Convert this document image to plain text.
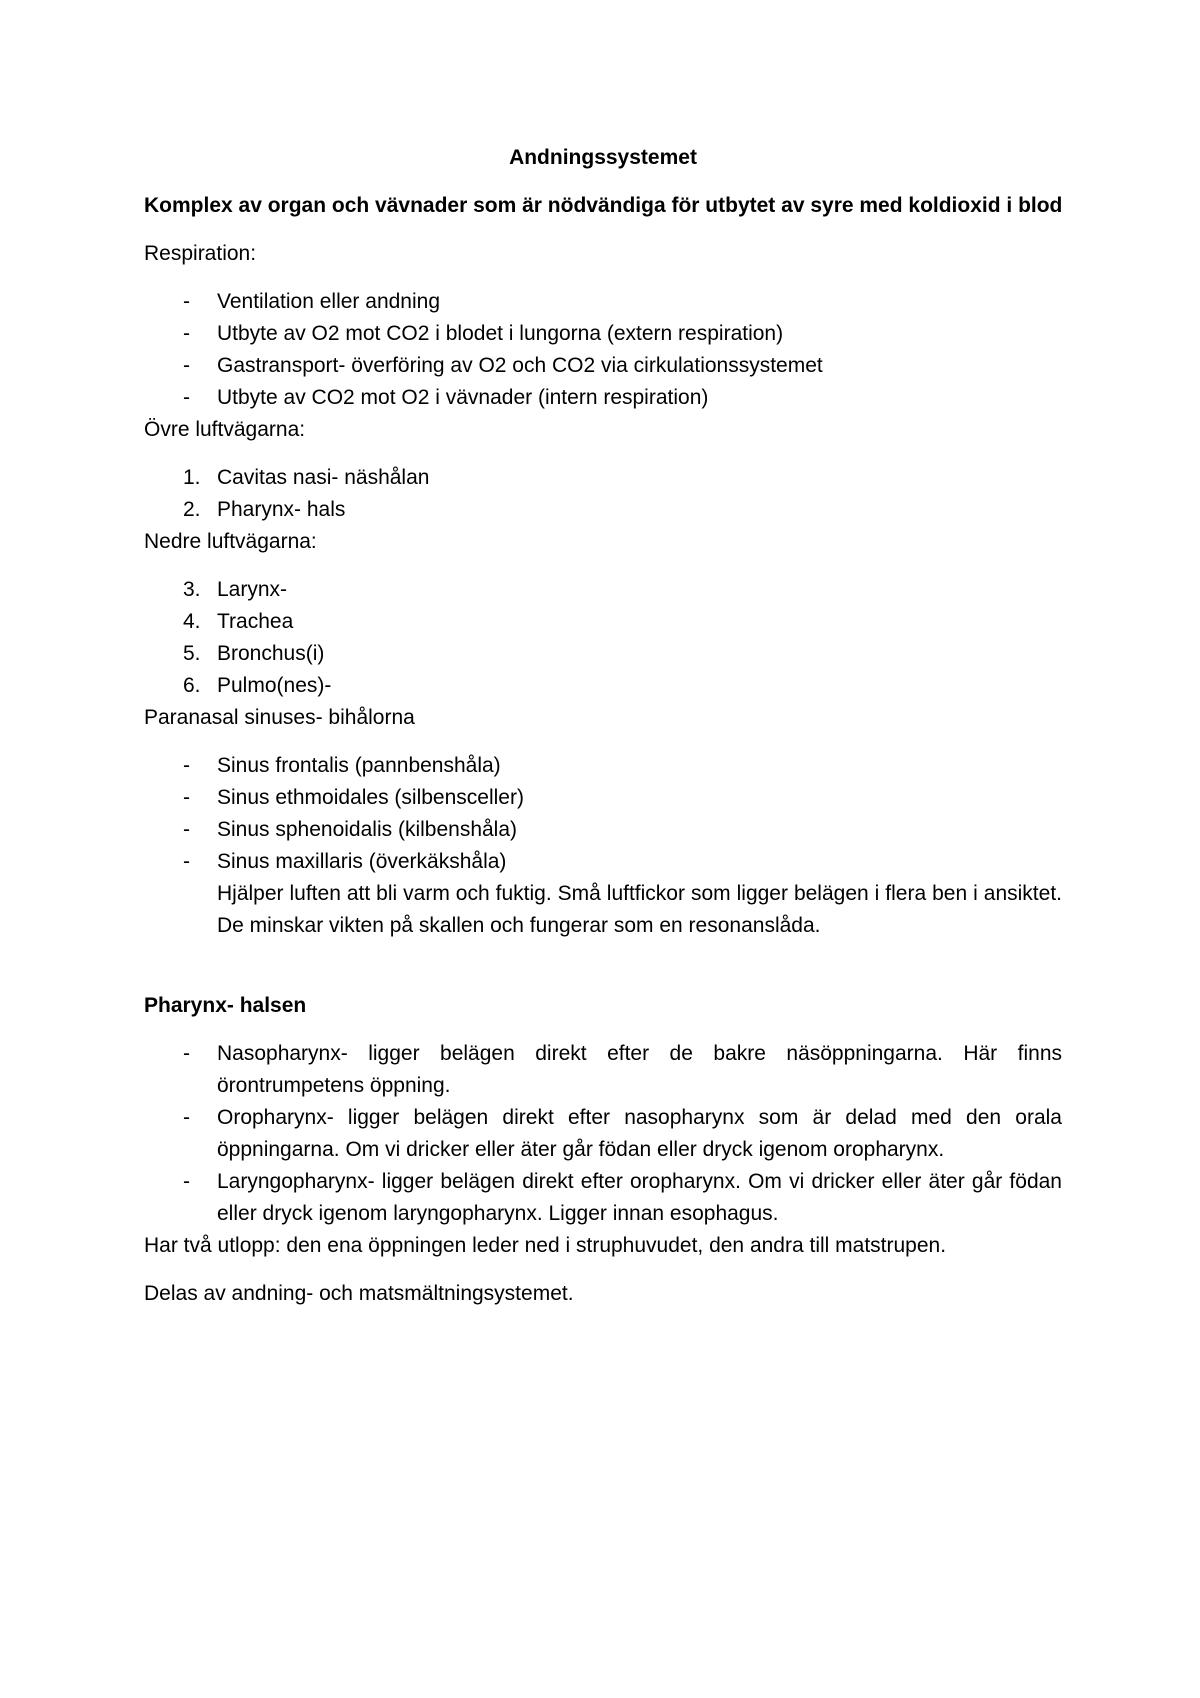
Andningssystemet
Komplex av organ och vävnader som är nödvändiga för utbytet av syre med koldioxid i blod
Respiration:
-	Ventilation eller andning
-	Utbyte av O2 mot CO2 i blodet i lungorna (extern respiration)
-	Gastransport- överföring av O2 och CO2 via cirkulationssystemet
-	Utbyte av CO2 mot O2 i vävnader (intern respiration)
Övre luftvägarna:
1. Cavitas nasi- näshålan
2. Pharynx- hals
Nedre luftvägarna:
3. Larynx-
4. Trachea
5. Bronchus(i)
6. Pulmo(nes)-
Paranasal sinuses- bihålorna
-	Sinus frontalis (pannbenshåla)
-	Sinus ethmoidales (silbensceller)
-	Sinus sphenoidalis (kilbenshåla)
-	Sinus maxillaris (överkäkshåla)
Hjälper luften att bli varm och fuktig. Små luftfickor som ligger belägen i flera ben i ansiktet. De minskar vikten på skallen och fungerar som en resonanslåda.
Pharynx- halsen
-	Nasopharynx- ligger belägen direkt efter de bakre näsöppningarna. Här finns örontrumpetens öppning.
-	Oropharynx- ligger belägen direkt efter nasopharynx som är delad med den orala öppningarna. Om vi dricker eller äter går födan eller dryck igenom oropharynx.
-	Laryngopharynx- ligger belägen direkt efter oropharynx. Om vi dricker eller äter går födan eller dryck igenom laryngopharynx. Ligger innan esophagus.
Har två utlopp: den ena öppningen leder ned i struphuvudet, den andra till matstrupen.
Delas av andning- och matsmältningsystemet.
